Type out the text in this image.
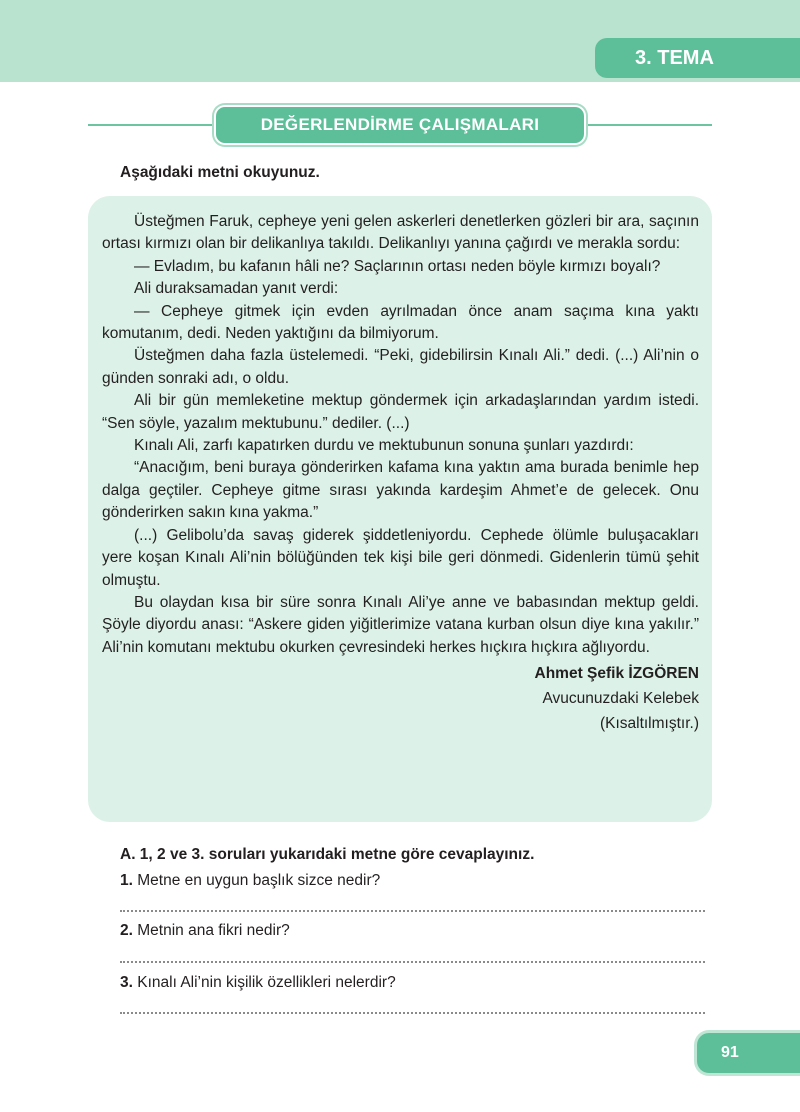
3. TEMA
DEĞERLENDİRME ÇALIŞMALARI
Aşağıdaki metni okuyunuz.

Üsteğmen Faruk, cepheye yeni gelen askerleri denetlerken gözleri bir ara, saçının ortası kırmızı olan bir delikanlıya takıldı. Delikanlıyı yanına çağırdı ve merakla sordu:

— Evladım, bu kafanın hâli ne? Saçlarının ortası neden böyle kırmızı boyalı?

Ali duraksamadan yanıt verdi:

— Cepheye gitmek için evden ayrılmadan önce anam saçıma kına yaktı komutanım, dedi. Neden yaktığını da bilmiyorum.

Üsteğmen daha fazla üstelemedi. “Peki, gidebilirsin Kınalı Ali.” dedi. (...) Ali’nin o günden sonraki adı, o oldu.

Ali bir gün memleketine mektup göndermek için arkadaşlarından yardım istedi. “Sen söyle, yazalım mektubunu.” dediler. (...)

Kınalı Ali, zarfı kapatırken durdu ve mektubunun sonuna şunları yazdırdı:

“Anacığım, beni buraya gönderirken kafama kına yaktın ama burada benimle hep dalga geçtiler. Cepheye gitme sırası yakında kardeşim Ahmet’e de gelecek. Onu gönderirken sakın kına yakma.”

(...) Gelibolu’da savaş giderek şiddetleniyordu. Cephede ölümle buluşacakları yere koşan Kınalı Ali’nin bölüğünden tek kişi bile geri dönmedi. Gidenlerin tümü şehit olmuştu.

Bu olaydan kısa bir süre sonra Kınalı Ali’ye anne ve babasından mektup geldi. Şöyle diyordu anası: “Askere giden yiğitlerimize vatana kurban olsun diye kına yakılır.” Ali’nin komutanı mektubu okurken çevresindeki herkes hıçkıra hıçkıra ağlıyordu.

Ahmet Şefik İZGÖREN

Avucunuzdaki Kelebek

(Kısaltılmıştır.)

A. 1, 2 ve 3. soruları yukarıdaki metne göre cevaplayınız.
1. Metne en uygun başlık sizce nedir?
2. Metnin ana fikri nedir?
3. Kınalı Ali’nin kişilik özellikleri nelerdir?
91
